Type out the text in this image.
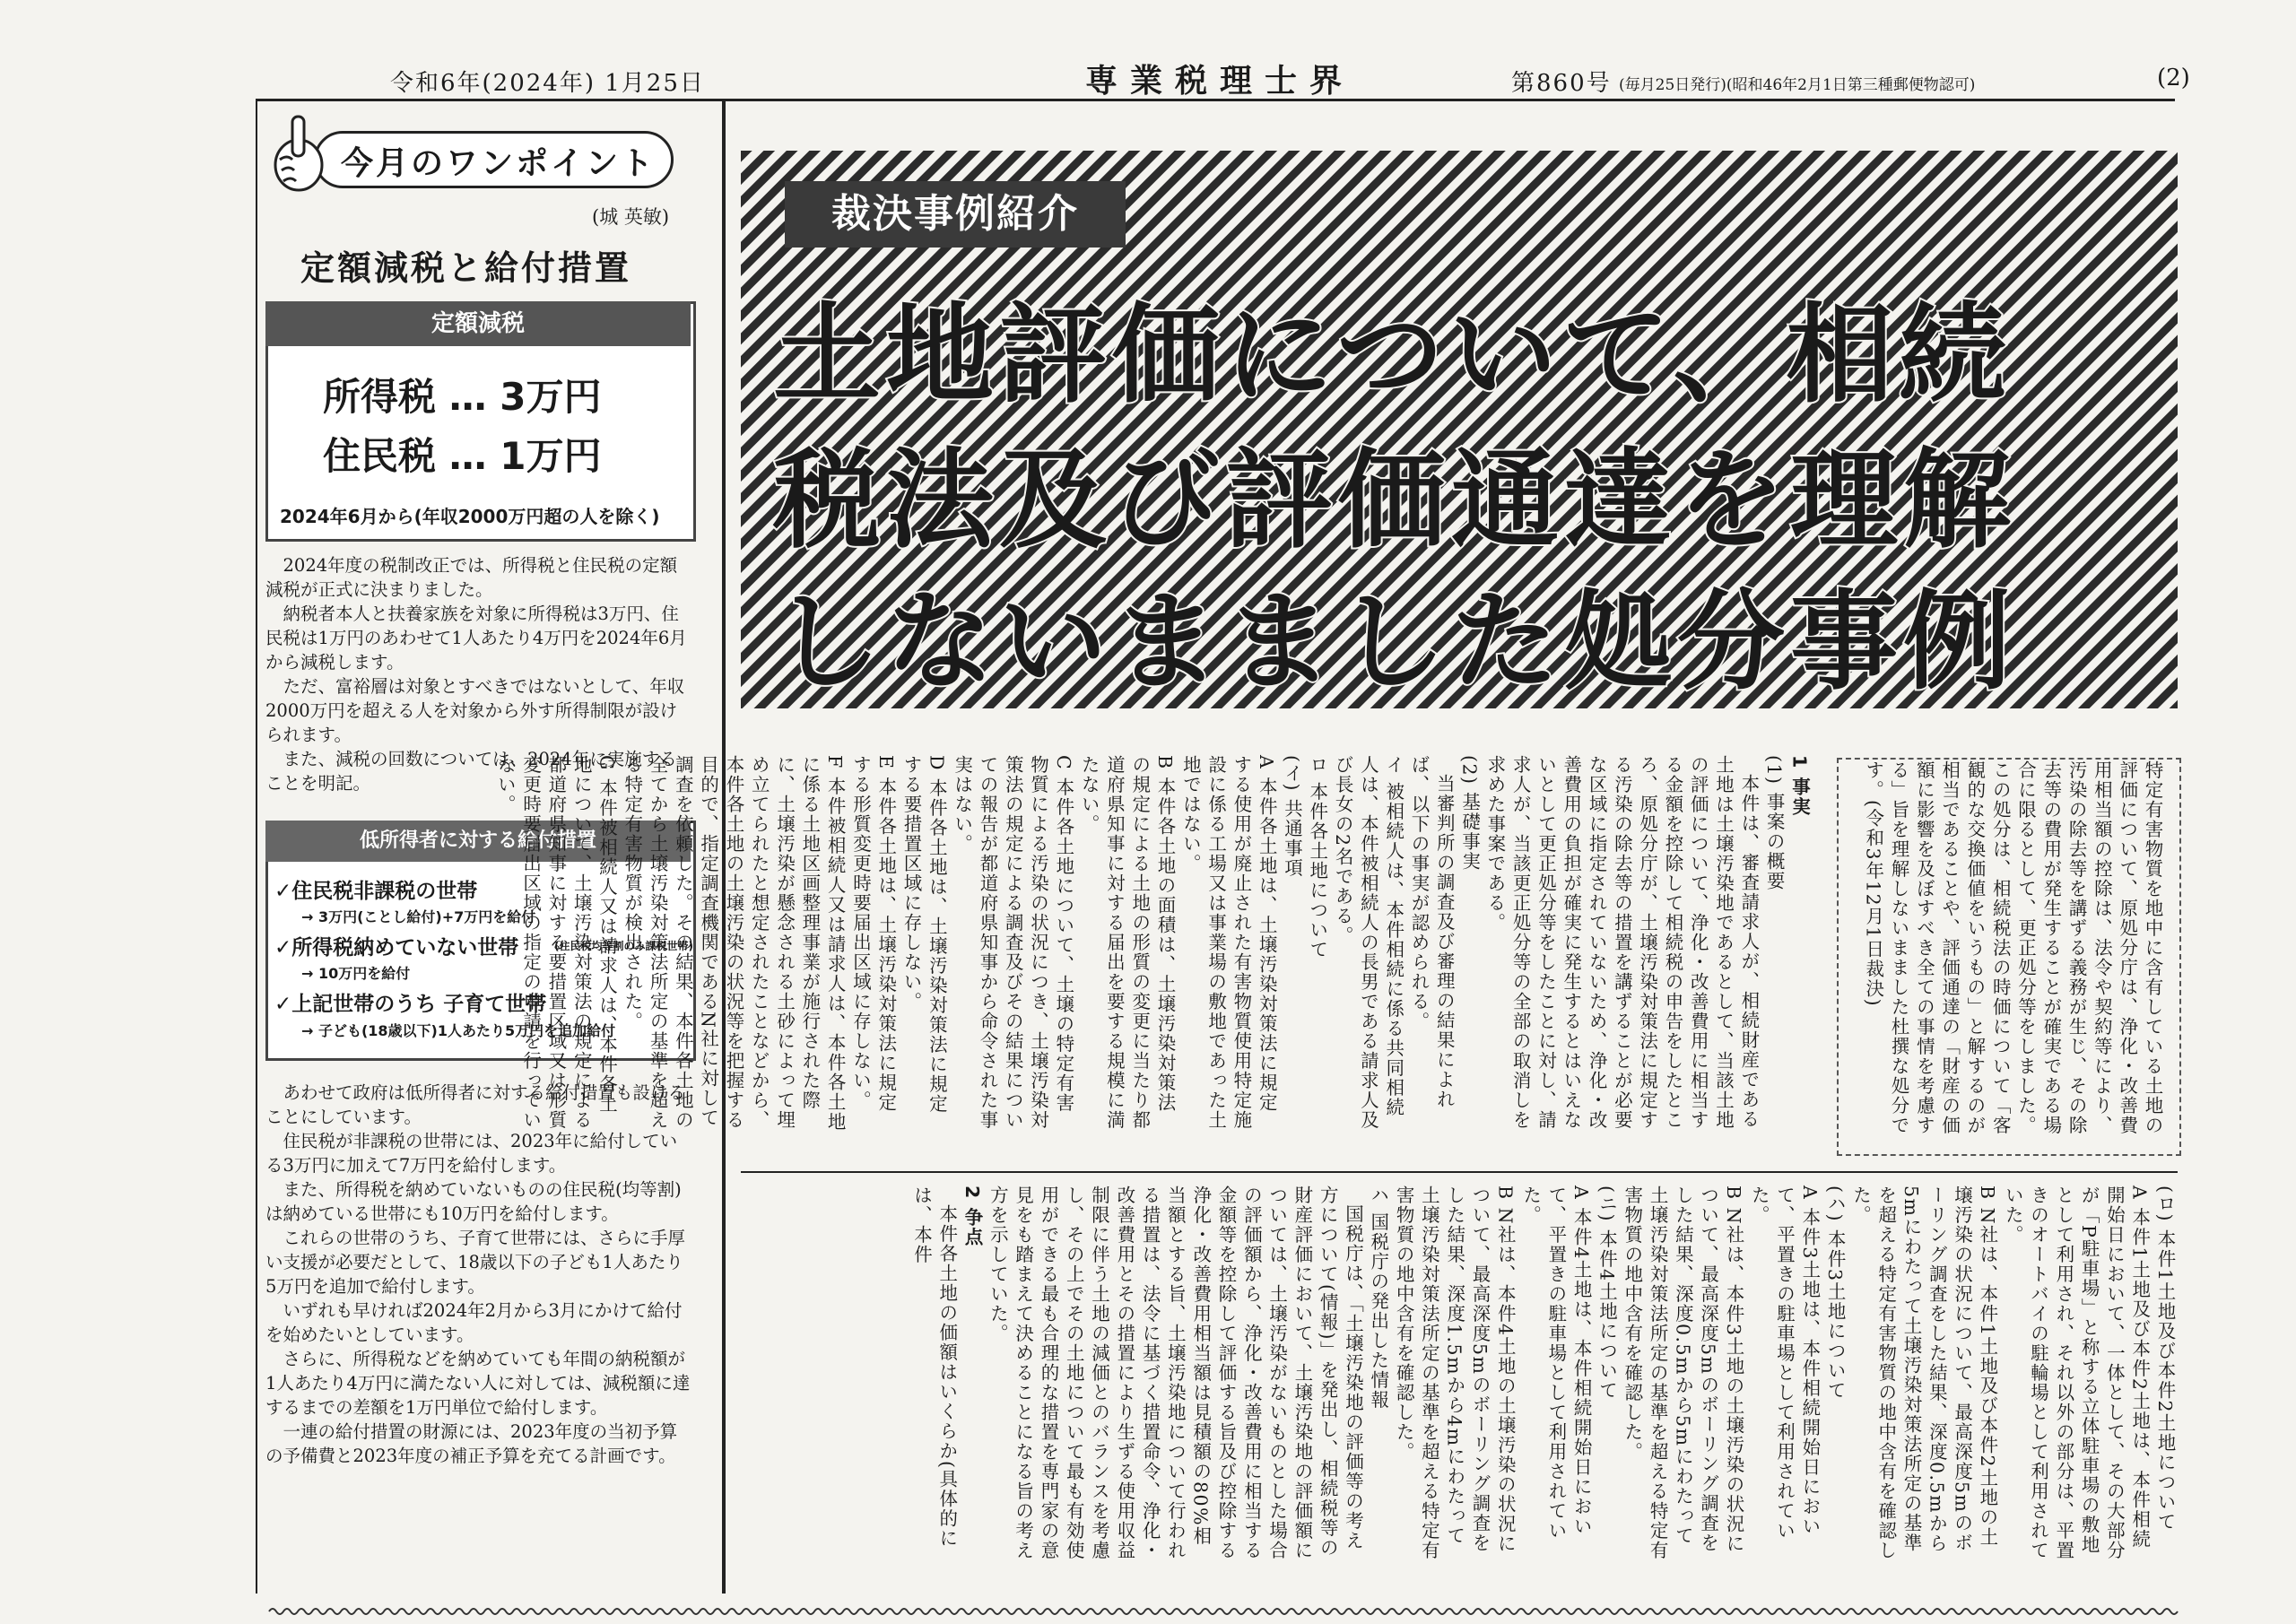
令和6年(2024年) 1月25日	専業税理士界	第860号 (毎月25日発行)(昭和46年2月1日第三種郵便物認可)	(2)
今月のワンポイント
(城 英敏)
定額減税と給付措置
定額減税
所得税 … 3万円
住民税 … 1万円
2024年6月から(年収2000万円超の人を除く)

2024年度の税制改正では、所得税と住民税の定額減税が正式に決まりました。

納税者本人と扶養家族を対象に所得税は3万円、住民税は1万円のあわせて1人あたり4万円を2024年6月から減税します。

ただ、富裕層は対象とすべきではないとして、年収2000万円を超える人を対象から外す所得制限が設けられます。

また、減税の回数については、2024年に実施することを明記。

低所得者に対する給付措置
✓住民税非課税の世帯
→ 3万円(ことし給付)+7万円を給付
✓所得税納めていない世帯	(住民税均等割のみ課税世帯)
→ 10万円を給付
✓上記世帯のうち 子育て世帯
→ 子ども(18歳以下)1人あたり5万円を追加給付

あわせて政府は低所得者に対する給付措置も設けることにしています。

住民税が非課税の世帯には、2023年に給付している3万円に加えて7万円を給付します。

また、所得税を納めていないものの住民税(均等割)は納めている世帯にも10万円を給付します。

これらの世帯のうち、子育て世帯には、さらに手厚い支援が必要だとして、18歳以下の子ども1人あたり5万円を追加で給付します。

いずれも早ければ2024年2月から3月にかけて給付を始めたいとしています。

さらに、所得税などを納めていても年間の納税額が1人あたり4万円に満たない人に対しては、減税額に達するまでの差額を1万円単位で給付します。

一連の給付措置の財源には、2023年度の当初予算の予備費と2023年度の補正予算を充てる計画です。

裁決事例紹介
土地評価について、相続
税法及び評価通達を理解
しないまました処分事例
特定有害物質を地中に含有している土地の評価について、原処分庁は、浄化・改善費用相当額の控除は、法令や契約等により、汚染の除去等を講ずる義務が生じ、その除去等の費用が発生することが確実である場合に限るとして、更正処分等をしました。この処分は、相続税法の時価について「客観的な交換価値をいうもの」と解するのが相当であることや、評価通達の「財産の価額に影響を及ぼすべき全ての事情を考慮する」旨を理解しないまました杜撰な処分です。(令和3年12月1日裁決)
1 事実
(1) 事案の概要
本件は、審査請求人が、相続財産である土地は土壌汚染地であるとして、当該土地の評価について、浄化・改善費用に相当する金額を控除して相続税の申告をしたところ、原処分庁が、土壌汚染対策法に規定する汚染の除去等の措置を講ずることが必要な区域に指定されていないため、浄化・改善費用の負担が確実に発生するとはいえないとして更正処分等をしたことに対し、請求人が、当該更正処分等の全部の取消しを求めた事案である。
(2) 基礎事実
当審判所の調査及び審理の結果によれば、以下の事実が認められる。
イ 被相続人は、本件相続に係る共同相続人は、本件被相続人の長男である請求人及び長女の2名である。
ロ 本件各土地について
(イ) 共通事項
A 本件各土地は、土壌汚染対策法に規定する使用が廃止された有害物質使用特定施設に係る工場又は事業場の敷地であった土地ではない。
B 本件各土地の面積は、土壌汚染対策法の規定による土地の形質の変更に当たり都道府県知事に対する届出を要する規模に満たない。
C 本件各土地について、土壌の特定有害物質による汚染の状況につき、土壌汚染対策法の規定による調査及びその結果についての報告が都道府県知事から命令された事実はない。
D 本件各土地は、土壌汚染対策法に規定する要措置区域に存しない。
E 本件各土地は、土壌汚染対策法に規定する形質変更時要届出区域に存しない。
F 本件被相続人又は請求人は、本件各土地に係る土地区画整理事業が施行された際に、土壌汚染が懸念される土砂によって埋め立てられたと想定されたことなどから、本件各土地の土壌汚染の状況等を把握する目的で、指定調査機関であるN社に対して調査を依頼した。その結果、本件各土地の全てから土壌汚染対策法所定の基準を超える特定有害物質が検出された。
G 本件被相続人又は請求人は、本件各土地について、土壌汚染対策法の規定による都道府県知事に対する要措置区域又は形質変更時要届出区域の指定の申請を行っていない。
(ロ) 本件1土地及び本件2土地について
A 本件1土地及び本件2土地は、本件相続開始日において、一体として、その大部分が「P駐車場」と称する立体駐車場の敷地として利用され、それ以外の部分は、平置きのオートバイの駐輪場として利用されていた。
B N社は、本件1土地及び本件2土地の土壌汚染の状況について、最高深度5mのボーリング調査をした結果、深度0.5mから5mにわたって土壌汚染対策法所定の基準を超える特定有害物質の地中含有を確認した。
(ハ) 本件3土地について
A 本件3土地は、本件相続開始日において、平置きの駐車場として利用されていた。
B N社は、本件3土地の土壌汚染の状況について、最高深度5mのボーリング調査をした結果、深度0.5mから5mにわたって土壌汚染対策法所定の基準を超える特定有害物質の地中含有を確認した。
(ニ) 本件4土地について
A 本件4土地は、本件相続開始日において、平置きの駐車場として利用されていた。
B N社は、本件4土地の土壌汚染の状況について、最高深度5mのボーリング調査をした結果、深度1.5mから4mにわたって土壌汚染対策法所定の基準を超える特定有害物質の地中含有を確認した。
ハ 国税庁の発出した情報
国税庁は、「土壌汚染地の評価等の考え方について(情報)」を発出し、相続税等の財産評価において、土壌汚染地の評価額については、土壌汚染がないものとした場合の評価額から、浄化・改善費用に相当する金額等を控除して評価する旨及び控除する浄化・改善費用相当額は見積額の80%相当額とする旨、土壌汚染地について行われる措置は、法令に基づく措置命令、浄化・改善費用とその措置により生ずる使用収益制限に伴う土地の減価とのバランスを考慮し、その上でその土地について最も有効使用ができる最も合理的な措置を専門家の意見をも踏まえて決めることになる旨の考え方を示していた。
2 争点
本件各土地の価額はいくらか(具体的には、本件
